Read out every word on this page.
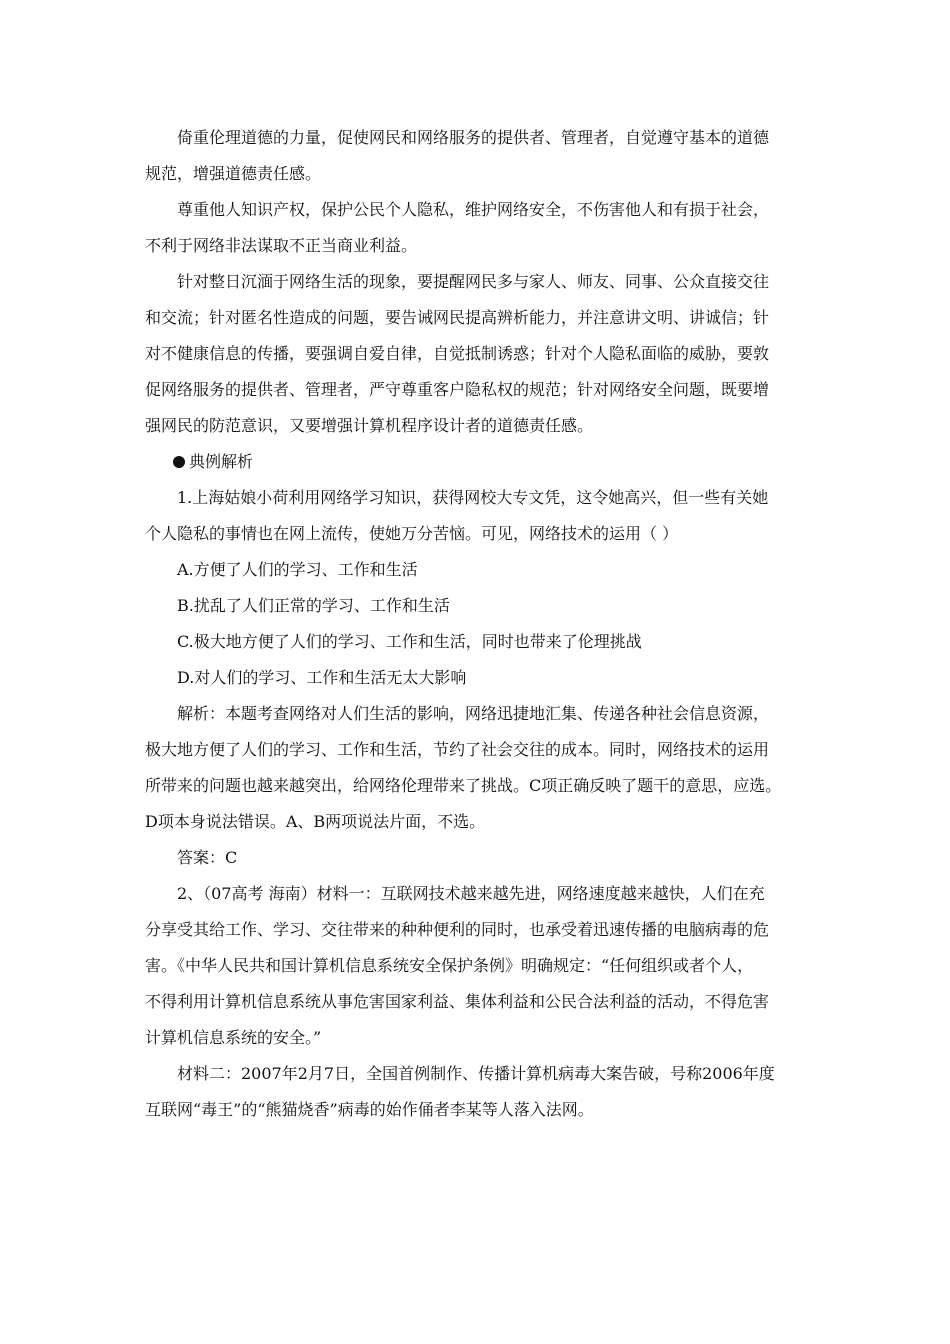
倚重伦理道德的力量，促使网民和网络服务的提供者、管理者，自觉遵守基本的道德
规范，增强道德责任感。
尊重他人知识产权，保护公民个人隐私，维护网络安全，不伤害他人和有损于社会，
不利于网络非法谋取不正当商业利益。
针对整日沉湎于网络生活的现象，要提醒网民多与家人、师友、同事、公众直接交往
和交流；针对匿名性造成的问题，要告诫网民提高辨析能力，并注意讲文明、讲诚信；针
对不健康信息的传播，要强调自爱自律，自觉抵制诱惑；针对个人隐私面临的威胁，要敦
促网络服务的提供者、管理者，严守尊重客户隐私权的规范；针对网络安全问题，既要增
强网民的防范意识，又要增强计算机程序设计者的道德责任感。
典例解析
1.上海姑娘小荷利用网络学习知识，获得网校大专文凭，这令她高兴，但一些有关她
个人隐私的事情也在网上流传，使她万分苦恼。可见，网络技术的运用（ ）
A.方便了人们的学习、工作和生活
B.扰乱了人们正常的学习、工作和生活
C.极大地方便了人们的学习、工作和生活，同时也带来了伦理挑战
D.对人们的学习、工作和生活无太大影响
解析：本题考查网络对人们生活的影响，网络迅捷地汇集、传递各种社会信息资源，
极大地方便了人们的学习、工作和生活，节约了社会交往的成本。同时，网络技术的运用
所带来的问题也越来越突出，给网络伦理带来了挑战。C项正确反映了题干的意思，应选。
D项本身说法错误。A、B两项说法片面，不选。
答案：C
2、（07高考 海南）材料一：互联网技术越来越先进，网络速度越来越快，人们在充
分享受其给工作、学习、交往带来的种种便利的同时，也承受着迅速传播的电脑病毒的危
害。《中华人民共和国计算机信息系统安全保护条例》明确规定：“任何组织或者个人，
不得利用计算机信息系统从事危害国家利益、集体利益和公民合法利益的活动，不得危害
计算机信息系统的安全。”
材料二：2007年2月7日，全国首例制作、传播计算机病毒大案告破，号称2006年度
互联网“毒王”的“熊猫烧香”病毒的始作俑者李某等人落入法网。
